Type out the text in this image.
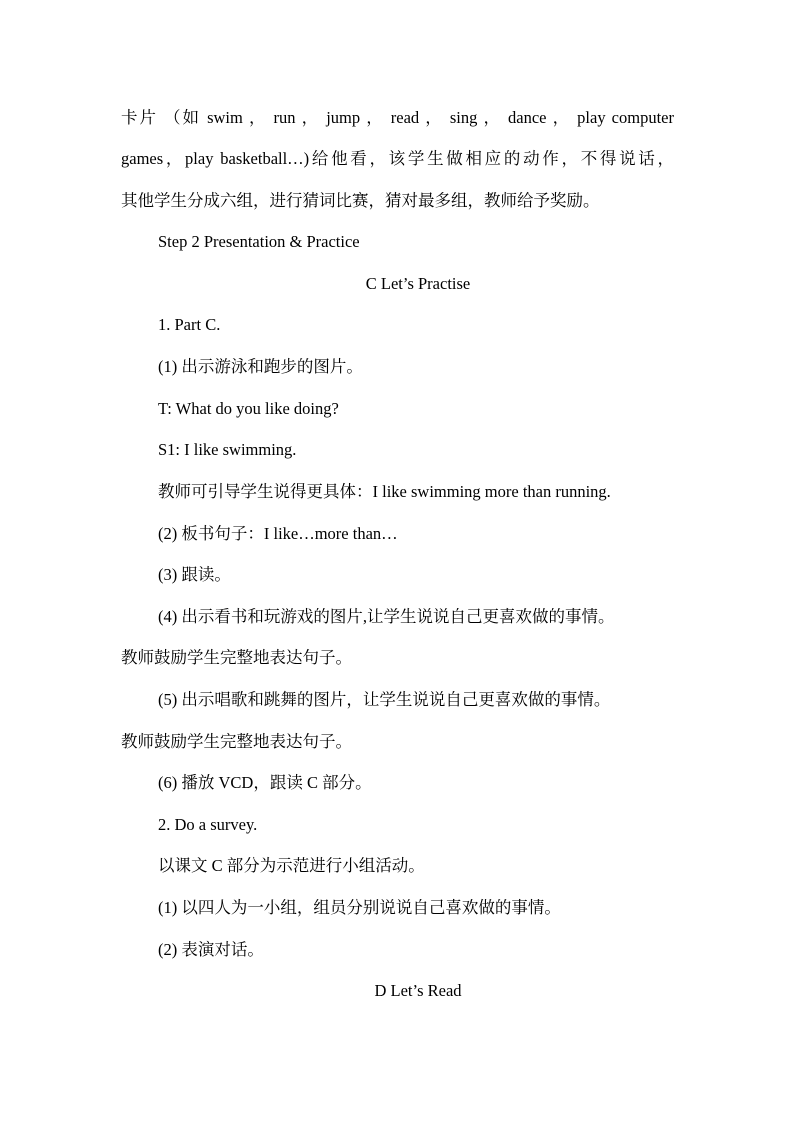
卡片 （如 swim ， run ， jump ， read ， sing ， dance ， play computer
games，play basketball…)给他看，该学生做相应的动作，不得说话，
其他学生分成六组，进行猜词比赛，猜对最多组，教师给予奖励。
Step 2 Presentation & Practice
C Let’s Practise
1. Part C.
(1) 出示游泳和跑步的图片。
T: What do you like doing?
S1: I like swimming.
教师可引导学生说得更具体：I like swimming more than running.
(2) 板书句子：I like…more than…
(3) 跟读。
(4) 出示看书和玩游戏的图片,让学生说说自己更喜欢做的事情。
教师鼓励学生完整地表达句子。
(5) 出示唱歌和跳舞的图片，让学生说说自己更喜欢做的事情。
教师鼓励学生完整地表达句子。
(6) 播放 VCD，跟读 C 部分。
2. Do a survey.
以课文 C 部分为示范进行小组活动。
(1) 以四人为一小组，组员分别说说自己喜欢做的事情。
(2) 表演对话。
D Let’s Read
